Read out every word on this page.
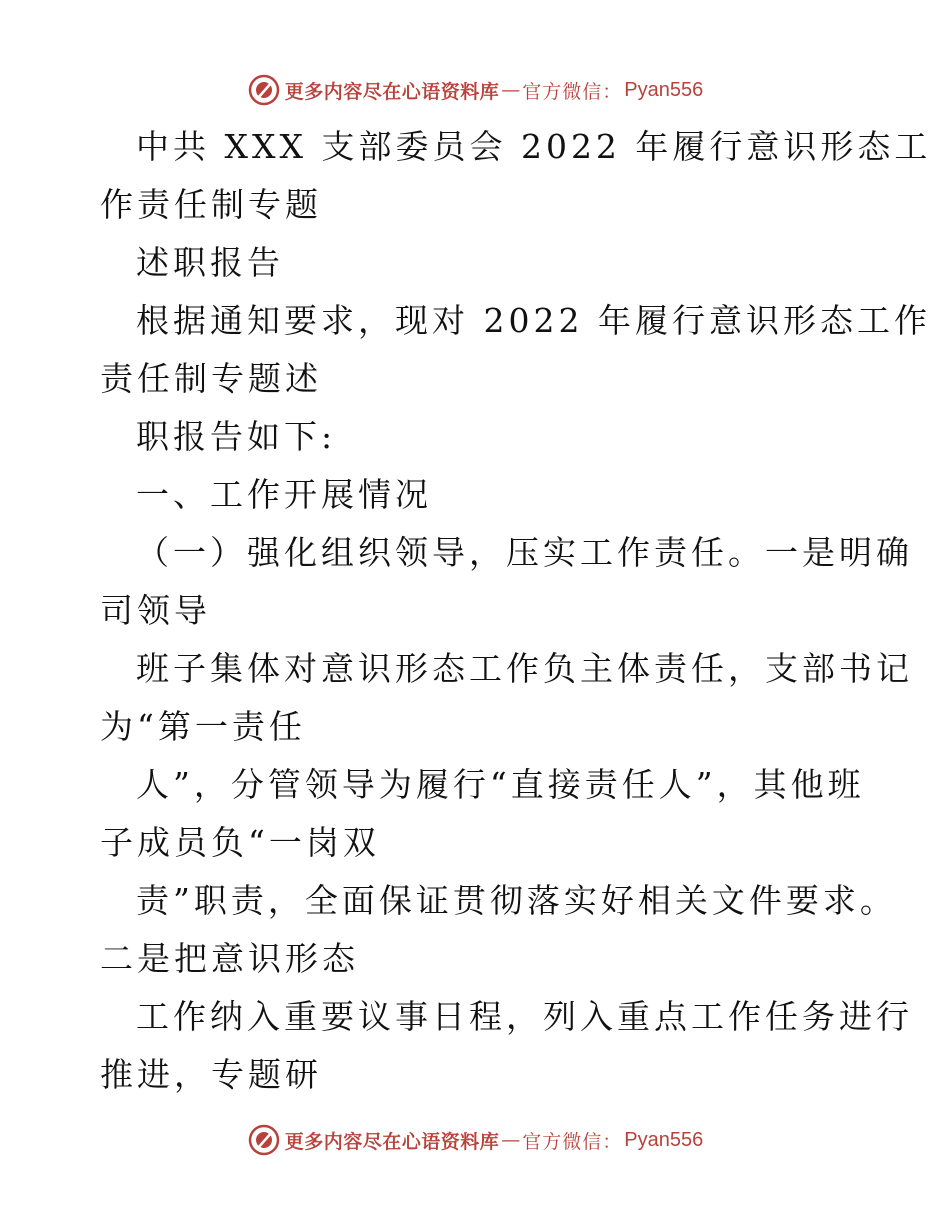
更多内容尽在心语资料库 — 官方微信： Pyan556
中共 XXX 支部委员会 2022 年履行意识形态工
作责任制专题
述职报告
根据通知要求，现对 2022 年履行意识形态工作
责任制专题述
职报告如下:
一、工作开展情况
（一）强化组织领导，压实工作责任。一是明确
司领导
班子集体对意识形态工作负主体责任，支部书记
为“第一责任
人”，分管领导为履行“直接责任人”，其他班
子成员负“一岗双
责”职责，全面保证贯彻落实好相关文件要求。
二是把意识形态
工作纳入重要议事日程，列入重点工作任务进行
推进，专题研
更多内容尽在心语资料库 — 官方微信： Pyan556
